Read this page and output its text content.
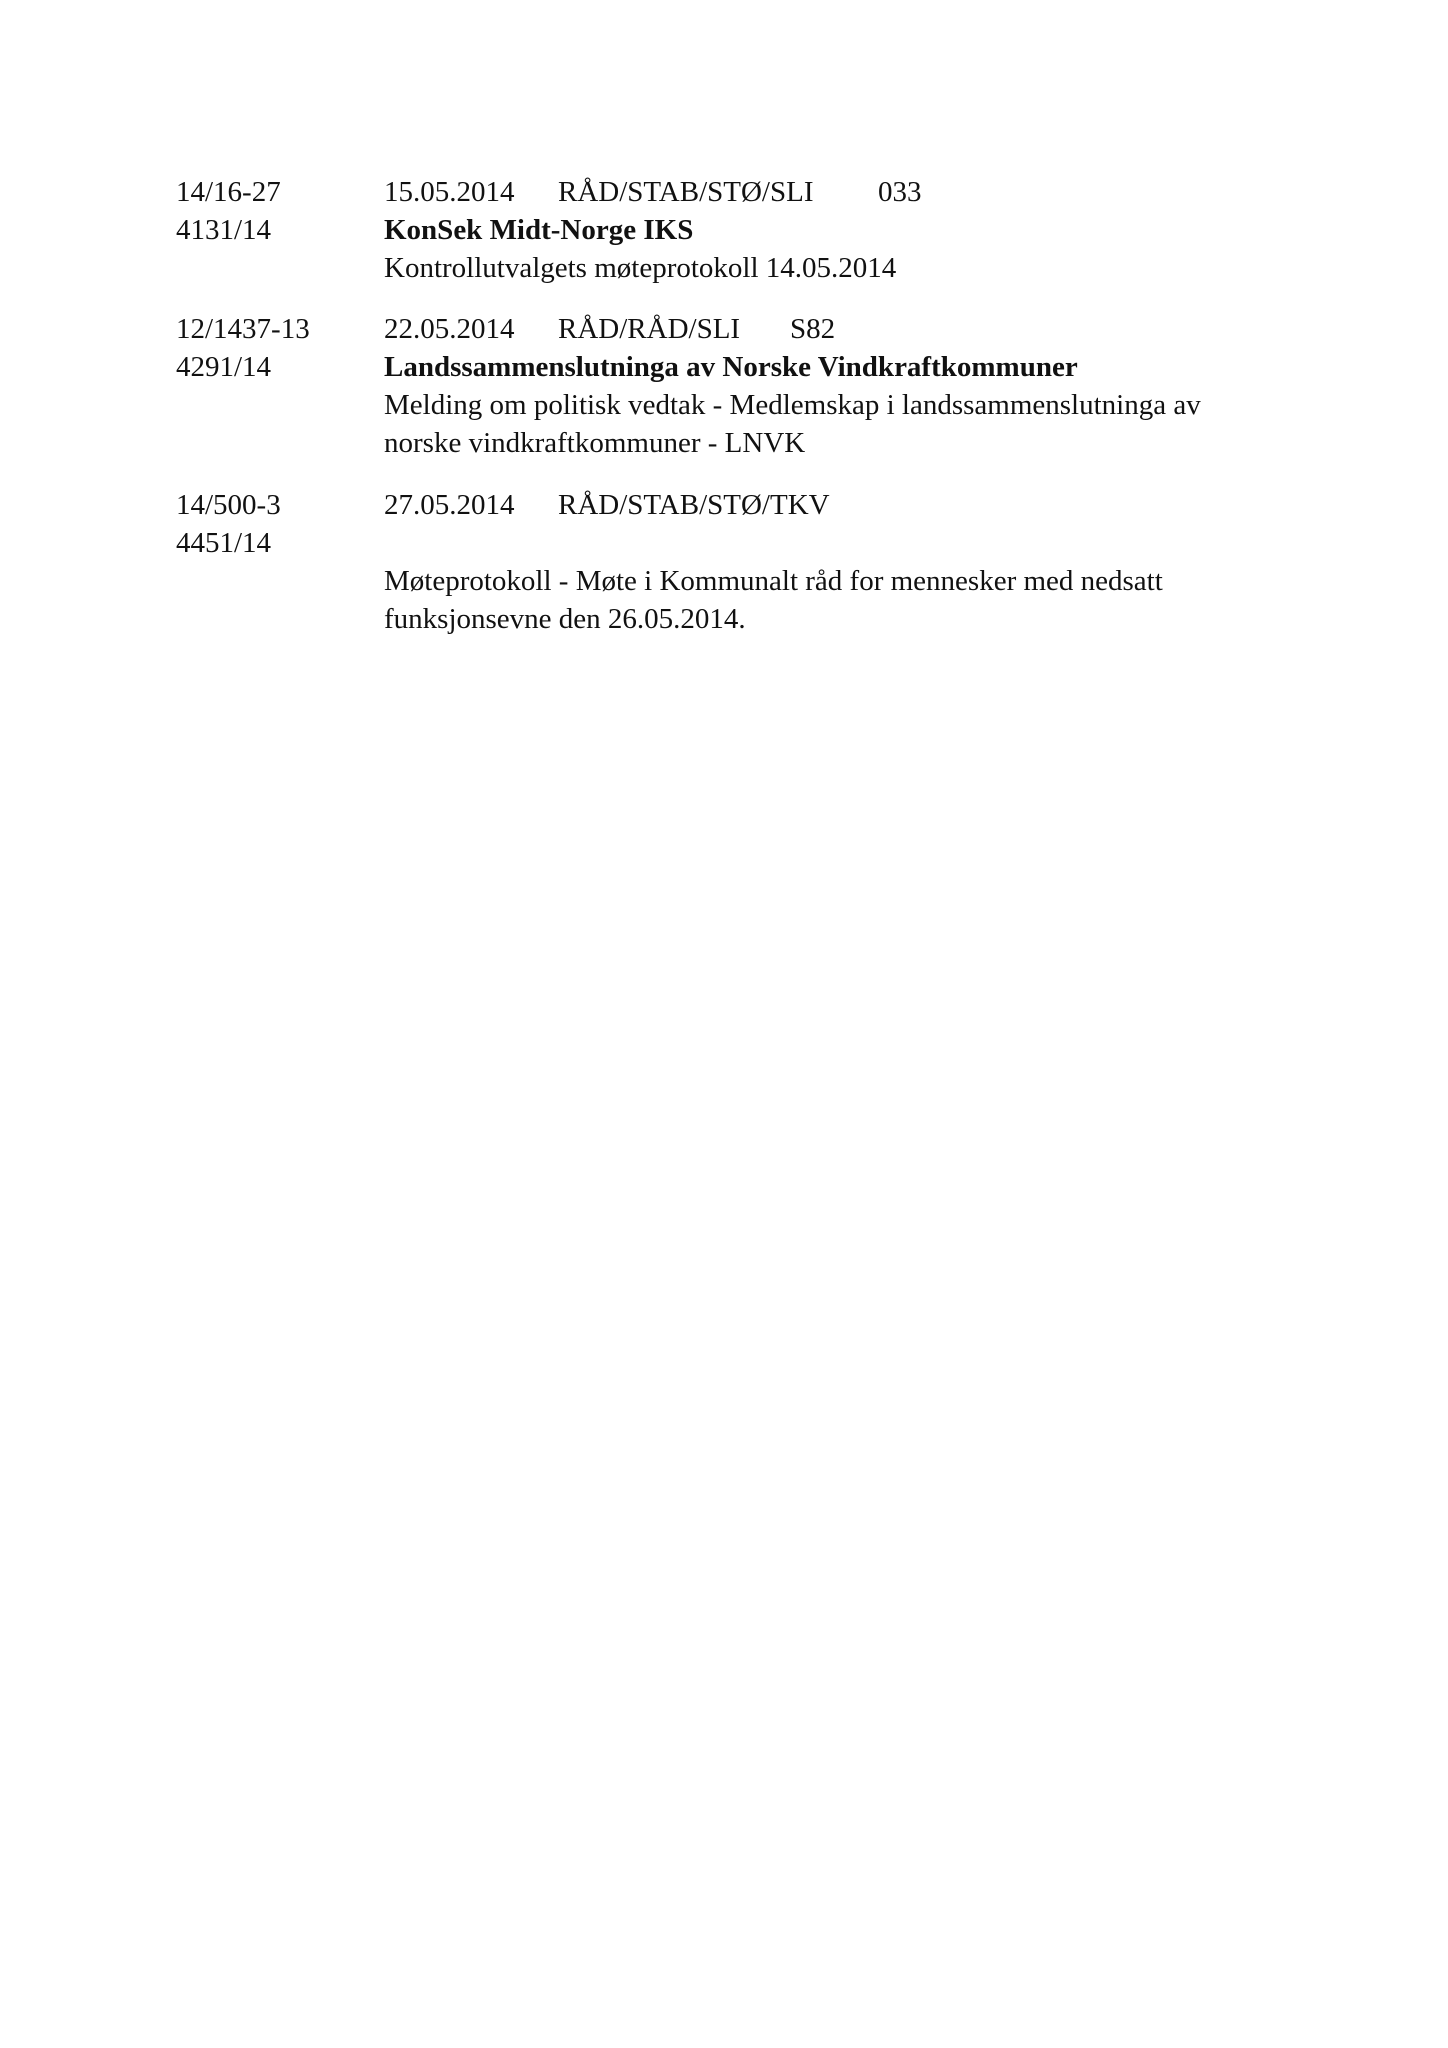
14/16-27	15.05.2014 RÅD/STAB/STØ/SLI 033
4131/14	KonSek Midt-Norge IKS
Kontrollutvalgets møteprotokoll 14.05.2014
12/1437-13	22.05.2014 RÅD/RÅD/SLI S82
4291/14	Landssammenslutninga av Norske Vindkraftkommuner
Melding om politisk vedtak - Medlemskap i landssammenslutninga av norske vindkraftkommuner - LNVK
14/500-3	27.05.2014 RÅD/STAB/STØ/TKV
4451/14
Møteprotokoll - Møte i Kommunalt råd for mennesker med nedsatt funksjonsevne den 26.05.2014.
